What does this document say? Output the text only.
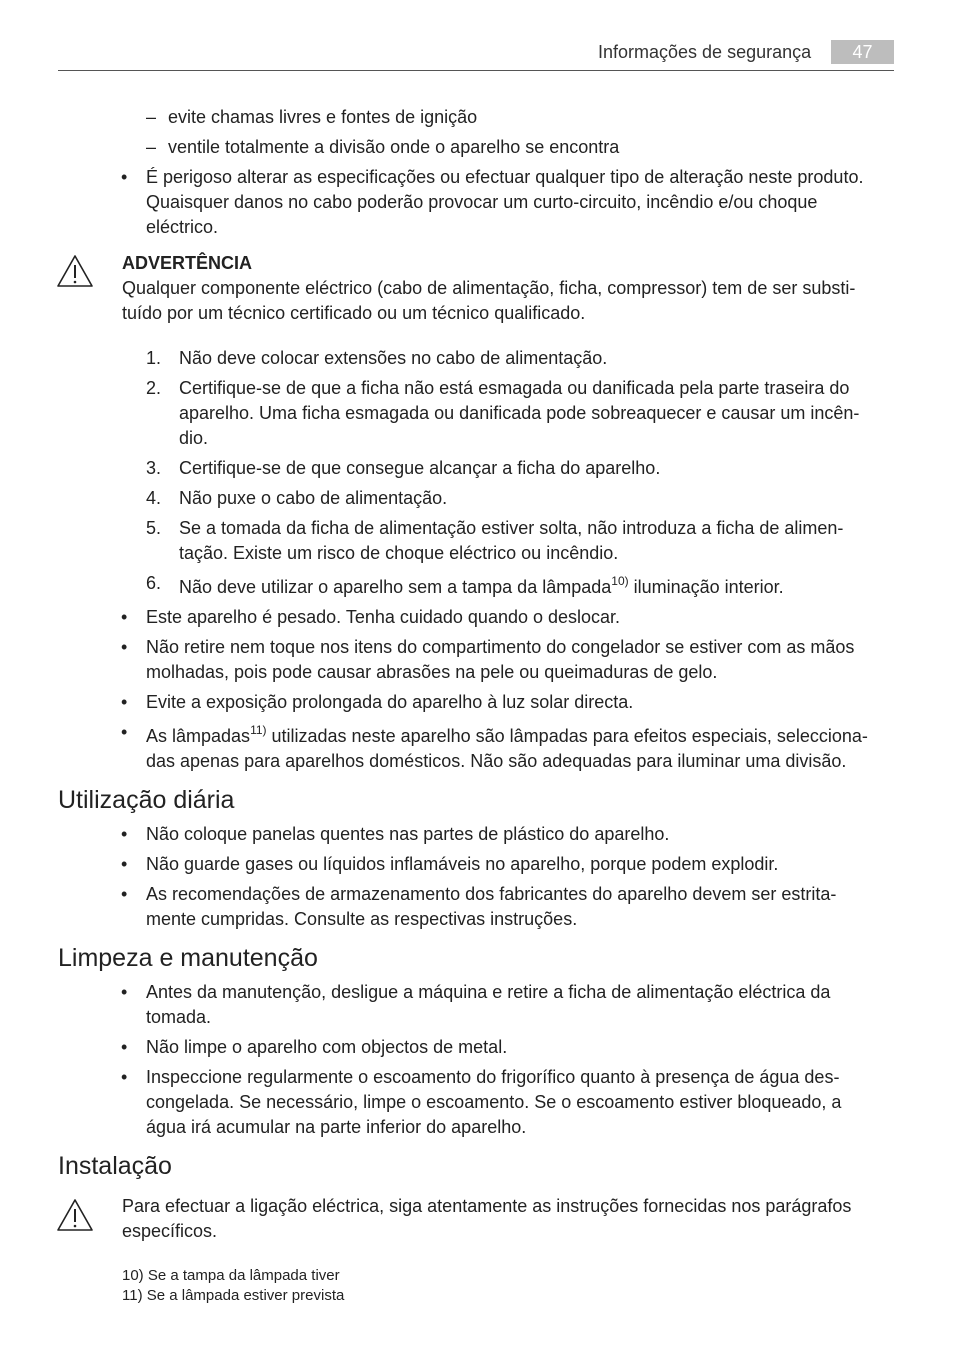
Informações de segurança	47
– evite chamas livres e fontes de ignição
– ventile totalmente a divisão onde o aparelho se encontra
• É perigoso alterar as especificações ou efectuar qualquer tipo de alteração neste produto.
Quaisquer danos no cabo poderão provocar um curto-circuito, incêndio e/ou choque
eléctrico.
ADVERTÊNCIA
Qualquer componente eléctrico (cabo de alimentação, ficha, compressor) tem de ser substi-
tuído por um técnico certificado ou um técnico qualificado.
1. Não deve colocar extensões no cabo de alimentação.
2. Certifique-se de que a ficha não está esmagada ou danificada pela parte traseira do
aparelho. Uma ficha esmagada ou danificada pode sobreaquecer e causar um incên-
dio.
3. Certifique-se de que consegue alcançar a ficha do aparelho.
4. Não puxe o cabo de alimentação.
5. Se a tomada da ficha de alimentação estiver solta, não introduza a ficha de alimen-
tação. Existe um risco de choque eléctrico ou incêndio.
6. Não deve utilizar o aparelho sem a tampa da lâmpada$^{10)}$ iluminação interior.
• Este aparelho é pesado. Tenha cuidado quando o deslocar.
• Não retire nem toque nos itens do compartimento do congelador se estiver com as mãos
molhadas, pois pode causar abrasões na pele ou queimaduras de gelo.
• Evite a exposição prolongada do aparelho à luz solar directa.
• As lâmpadas$^{11)}$ utilizadas neste aparelho são lâmpadas para efeitos especiais, selecciona-
das apenas para aparelhos domésticos. Não são adequadas para iluminar uma divisão.
Utilização diária
• Não coloque panelas quentes nas partes de plástico do aparelho.
• Não guarde gases ou líquidos inflamáveis no aparelho, porque podem explodir.
• As recomendações de armazenamento dos fabricantes do aparelho devem ser estrita-
mente cumpridas. Consulte as respectivas instruções.
Limpeza e manutenção
• Antes da manutenção, desligue a máquina e retire a ficha de alimentação eléctrica da
tomada.
• Não limpe o aparelho com objectos de metal.
• Inspeccione regularmente o escoamento do frigorífico quanto à presença de água des-
congelada. Se necessário, limpe o escoamento. Se o escoamento estiver bloqueado, a
água irá acumular na parte inferior do aparelho.
Instalação
Para efectuar a ligação eléctrica, siga atentamente as instruções fornecidas nos parágrafos
específicos.
10) Se a tampa da lâmpada tiver
11) Se a lâmpada estiver prevista
